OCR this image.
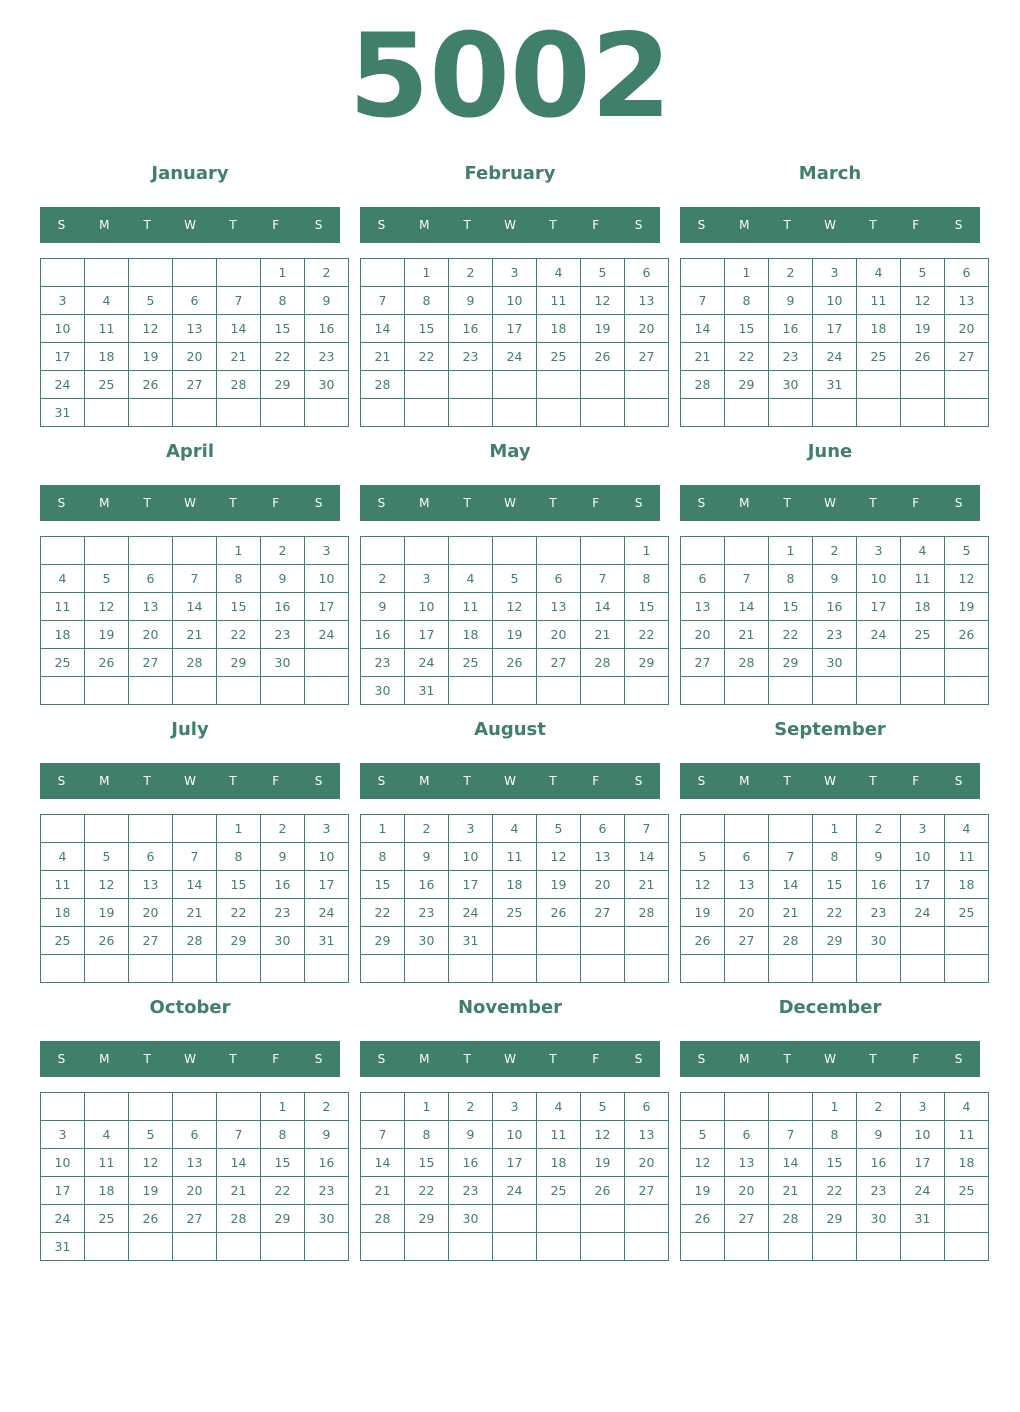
5002
January
S	M	T	W	T	F	S
					1	2
3	4	5	6	7	8	9
10	11	12	13	14	15	16
17	18	19	20	21	22	23
24	25	26	27	28	29	30
31						
February
S	M	T	W	T	F	S
	1	2	3	4	5	6
7	8	9	10	11	12	13
14	15	16	17	18	19	20
21	22	23	24	25	26	27
28						

March
S	M	T	W	T	F	S
	1	2	3	4	5	6
7	8	9	10	11	12	13
14	15	16	17	18	19	20
21	22	23	24	25	26	27
28	29	30	31			

April
S	M	T	W	T	F	S
				1	2	3
4	5	6	7	8	9	10
11	12	13	14	15	16	17
18	19	20	21	22	23	24
25	26	27	28	29	30	

May
S	M	T	W	T	F	S
						1
2	3	4	5	6	7	8
9	10	11	12	13	14	15
16	17	18	19	20	21	22
23	24	25	26	27	28	29
30	31					
June
S	M	T	W	T	F	S
		1	2	3	4	5
6	7	8	9	10	11	12
13	14	15	16	17	18	19
20	21	22	23	24	25	26
27	28	29	30			

July
S	M	T	W	T	F	S
				1	2	3
4	5	6	7	8	9	10
11	12	13	14	15	16	17
18	19	20	21	22	23	24
25	26	27	28	29	30	31

August
S	M	T	W	T	F	S
1	2	3	4	5	6	7
8	9	10	11	12	13	14
15	16	17	18	19	20	21
22	23	24	25	26	27	28
29	30	31				

September
S	M	T	W	T	F	S
			1	2	3	4
5	6	7	8	9	10	11
12	13	14	15	16	17	18
19	20	21	22	23	24	25
26	27	28	29	30		

October
S	M	T	W	T	F	S
					1	2
3	4	5	6	7	8	9
10	11	12	13	14	15	16
17	18	19	20	21	22	23
24	25	26	27	28	29	30
31						
November
S	M	T	W	T	F	S
	1	2	3	4	5	6
7	8	9	10	11	12	13
14	15	16	17	18	19	20
21	22	23	24	25	26	27
28	29	30				

December
S	M	T	W	T	F	S
			1	2	3	4
5	6	7	8	9	10	11
12	13	14	15	16	17	18
19	20	21	22	23	24	25
26	27	28	29	30	31	
